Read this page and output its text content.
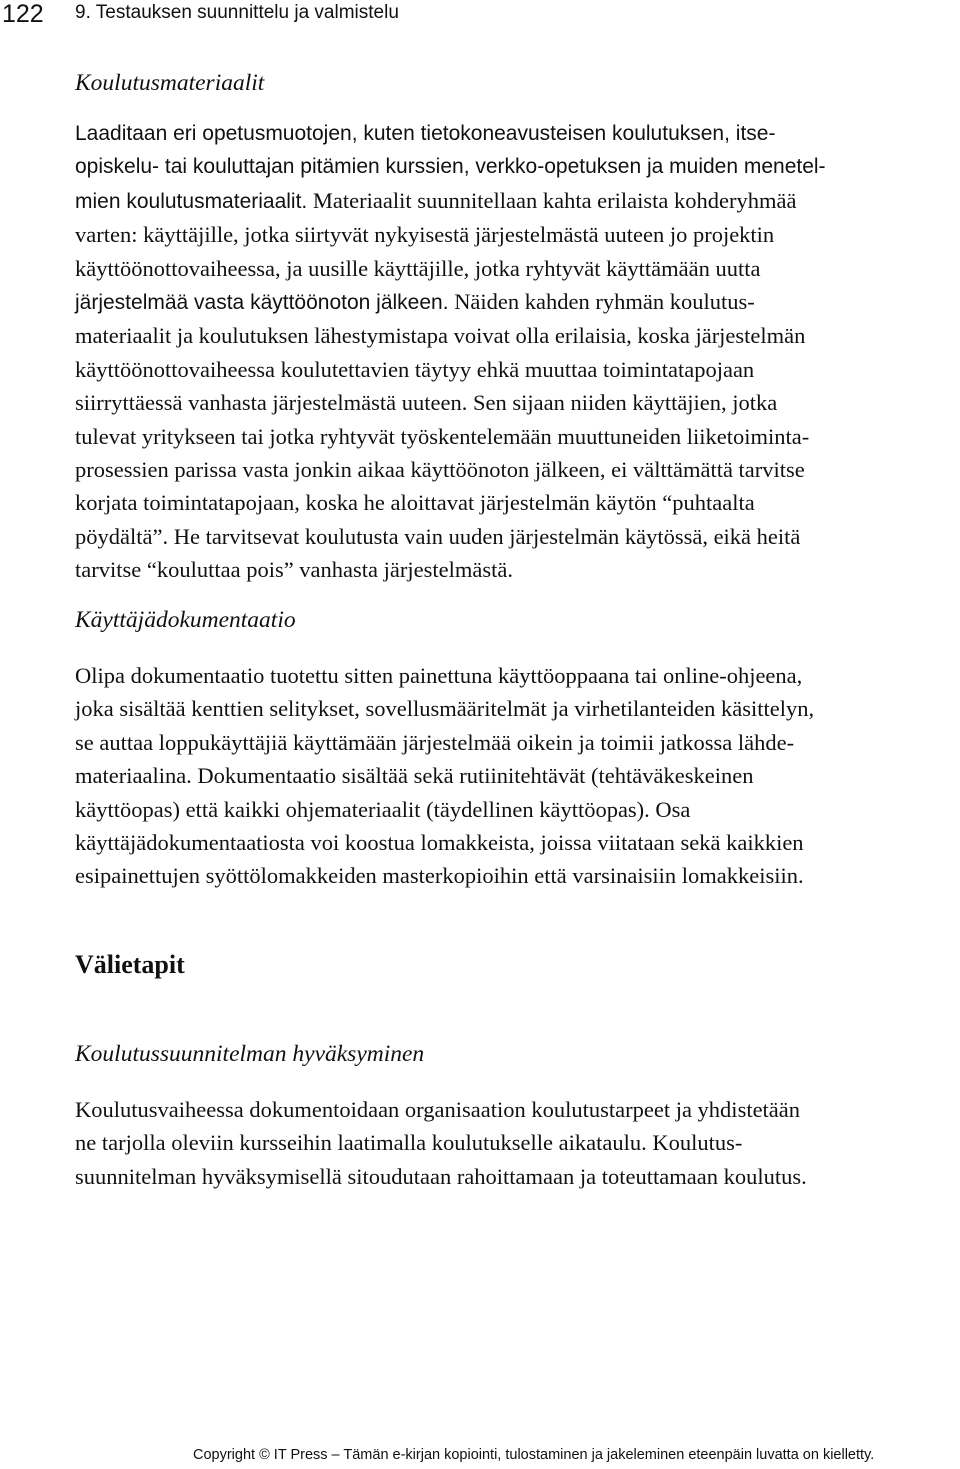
122 9. Testauksen suunnittelu ja valmistelu
Koulutusmateriaalit
Laaditaan eri opetusmuotojen, kuten tietokoneavusteisen koulutuksen, itse-
opiskelu- tai kouluttajan pitämien kurssien, verkko-opetuksen ja muiden menetel-
mien koulutusmateriaalit. Materiaalit suunnitellaan kahta erilaista kohderyhmää
varten: käyttäjille, jotka siirtyvät nykyisestä järjestelmästä uuteen jo projektin
käyttöönottovaiheessa, ja uusille käyttäjille, jotka ryhtyvät käyttämään uutta
järjestelmää vasta käyttöönoton jälkeen. Näiden kahden ryhmän koulutus-
materiaalit ja koulutuksen lähestymistapa voivat olla erilaisia, koska järjestelmän
käyttöönottovaiheessa koulutettavien täytyy ehkä muuttaa toimintatapojaan
siirryttäessä vanhasta järjestelmästä uuteen. Sen sijaan niiden käyttäjien, jotka
tulevat yritykseen tai jotka ryhtyvät työskentelemään muuttuneiden liiketoiminta-
prosessien parissa vasta jonkin aikaa käyttöönoton jälkeen, ei välttämättä tarvitse
korjata toimintatapojaan, koska he aloittavat järjestelmän käytön “puhtaalta
pöydältä”. He tarvitsevat koulutusta vain uuden järjestelmän käytössä, eikä heitä
tarvitse “kouluttaa pois” vanhasta järjestelmästä.
Käyttäjädokumentaatio
Olipa dokumentaatio tuotettu sitten painettuna käyttöoppaana tai online-ohjeena,
joka sisältää kenttien selitykset, sovellusmääritelmät ja virhetilanteiden käsittelyn,
se auttaa loppukäyttäjiä käyttämään järjestelmää oikein ja toimii jatkossa lähde-
materiaalina. Dokumentaatio sisältää sekä rutiinitehtävät (tehtäväkeskeinen
käyttöopas) että kaikki ohjemateriaalit (täydellinen käyttöopas). Osa
käyttäjädokumentaatiosta voi koostua lomakkeista, joissa viitataan sekä kaikkien
esipainettujen syöttölomakkeiden masterkopioihin että varsinaisiin lomakkeisiin.
Välietapit
Koulutussuunnitelman hyväksyminen
Koulutusvaiheessa dokumentoidaan organisaation koulutustarpeet ja yhdistetään
ne tarjolla oleviin kursseihin laatimalla koulutukselle aikataulu. Koulutus-
suunnitelman hyväksymisellä sitoudutaan rahoittamaan ja toteuttamaan koulutus.
Copyright © IT Press – Tämän e-kirjan kopiointi, tulostaminen ja jakeleminen eteenpäin luvatta on kielletty.
